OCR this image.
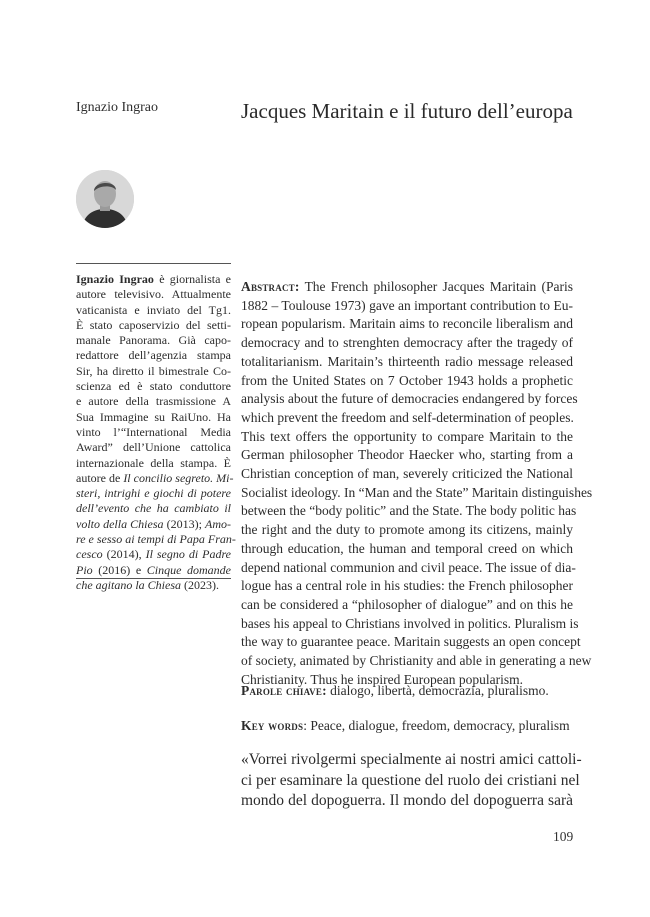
Ignazio Ingrao	Jacques Maritain e il futuro dell’europa
Ignazio Ingrao è giornalista e
autore televisivo. Attualmente
vaticanista e inviato del Tg1.
È stato caposervizio del setti-
manale Panorama. Già capo-
redattore dell’agenzia stampa
Sir, ha diretto il bimestrale Co-
scienza ed è stato conduttore
e autore della trasmissione A
Sua Immagine su RaiUno. Ha
vinto l’“International Media
Award” dell’Unione cattolica
internazionale della stampa. È
autore de Il concilio segreto. Mi-
steri, intrighi e giochi di potere
dell’evento che ha cambiato il
volto della Chiesa (2013); Amo-
re e sesso ai tempi di Papa Fran-
cesco (2014), Il segno di Padre
Pio (2016) e Cinque domande
che agitano la Chiesa (2023).
Abstract: The French philosopher Jacques Maritain (Paris
1882 – Toulouse 1973) gave an important contribution to Eu-
ropean popularism. Maritain aims to reconcile liberalism and
democracy and to strenghten democracy after the tragedy of
totalitarianism. Maritain’s thirteenth radio message released
from the United States on 7 October 1943 holds a prophetic
analysis about the future of democracies endangered by forces
which prevent the freedom and self-determination of peoples.
This text offers the opportunity to compare Maritain to the
German philosopher Theodor Haecker who, starting from a
Christian conception of man, severely criticized the National
Socialist ideology. In “Man and the State” Maritain distinguishes
between the “body politic” and the State. The body politic has
the right and the duty to promote among its citizens, mainly
through education, the human and temporal creed on which
depend national communion and civil peace. The issue of dia-
logue has a central role in his studies: the French philosopher
can be considered a “philosopher of dialogue” and on this he
bases his appeal to Christians involved in politics. Pluralism is
the way to guarantee peace. Maritain suggests an open concept
of society, animated by Christianity and able in generating a new
Christianity. Thus he inspired European popularism.
Parole chiave: dialogo, libertà, democrazia, pluralismo.
Key words: Peace, dialogue, freedom, democracy, pluralism
«Vorrei rivolgermi specialmente ai nostri amici cattoli-
ci per esaminare la questione del ruolo dei cristiani nel
mondo del dopoguerra. Il mondo del dopoguerra sarà
109
